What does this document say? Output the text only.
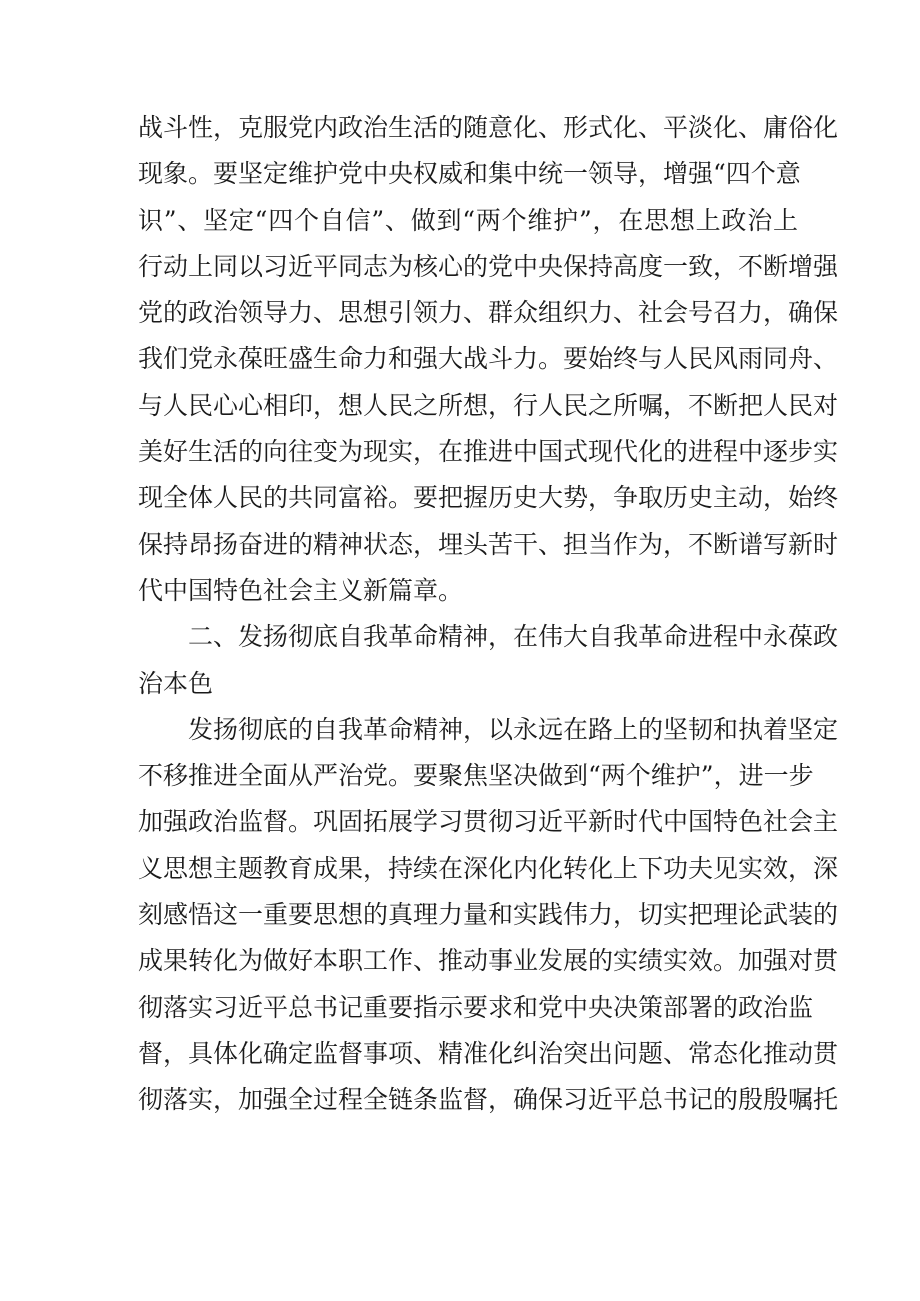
战斗性，克服党内政治生活的随意化、形式化、平淡化、庸俗化
现象。要坚定维护党中央权威和集中统一领导，增强“四个意
识”、坚定“四个自信”、做到“两个维护”，在思想上政治上
行动上同以习近平同志为核心的党中央保持高度一致，不断增强
党的政治领导力、思想引领力、群众组织力、社会号召力，确保
我们党永葆旺盛生命力和强大战斗力。要始终与人民风雨同舟、
与人民心心相印，想人民之所想，行人民之所嘱，不断把人民对
美好生活的向往变为现实，在推进中国式现代化的进程中逐步实
现全体人民的共同富裕。要把握历史大势，争取历史主动，始终
保持昂扬奋进的精神状态，埋头苦干、担当作为，不断谱写新时
代中国特色社会主义新篇章。
二、发扬彻底自我革命精神，在伟大自我革命进程中永葆政
治本色
发扬彻底的自我革命精神，以永远在路上的坚韧和执着坚定
不移推进全面从严治党。要聚焦坚决做到“两个维护”，进一步
加强政治监督。巩固拓展学习贯彻习近平新时代中国特色社会主
义思想主题教育成果，持续在深化内化转化上下功夫见实效，深
刻感悟这一重要思想的真理力量和实践伟力，切实把理论武装的
成果转化为做好本职工作、推动事业发展的实绩实效。加强对贯
彻落实习近平总书记重要指示要求和党中央决策部署的政治监
督，具体化确定监督事项、精准化纠治突出问题、常态化推动贯
彻落实，加强全过程全链条监督，确保习近平总书记的殷殷嘱托
